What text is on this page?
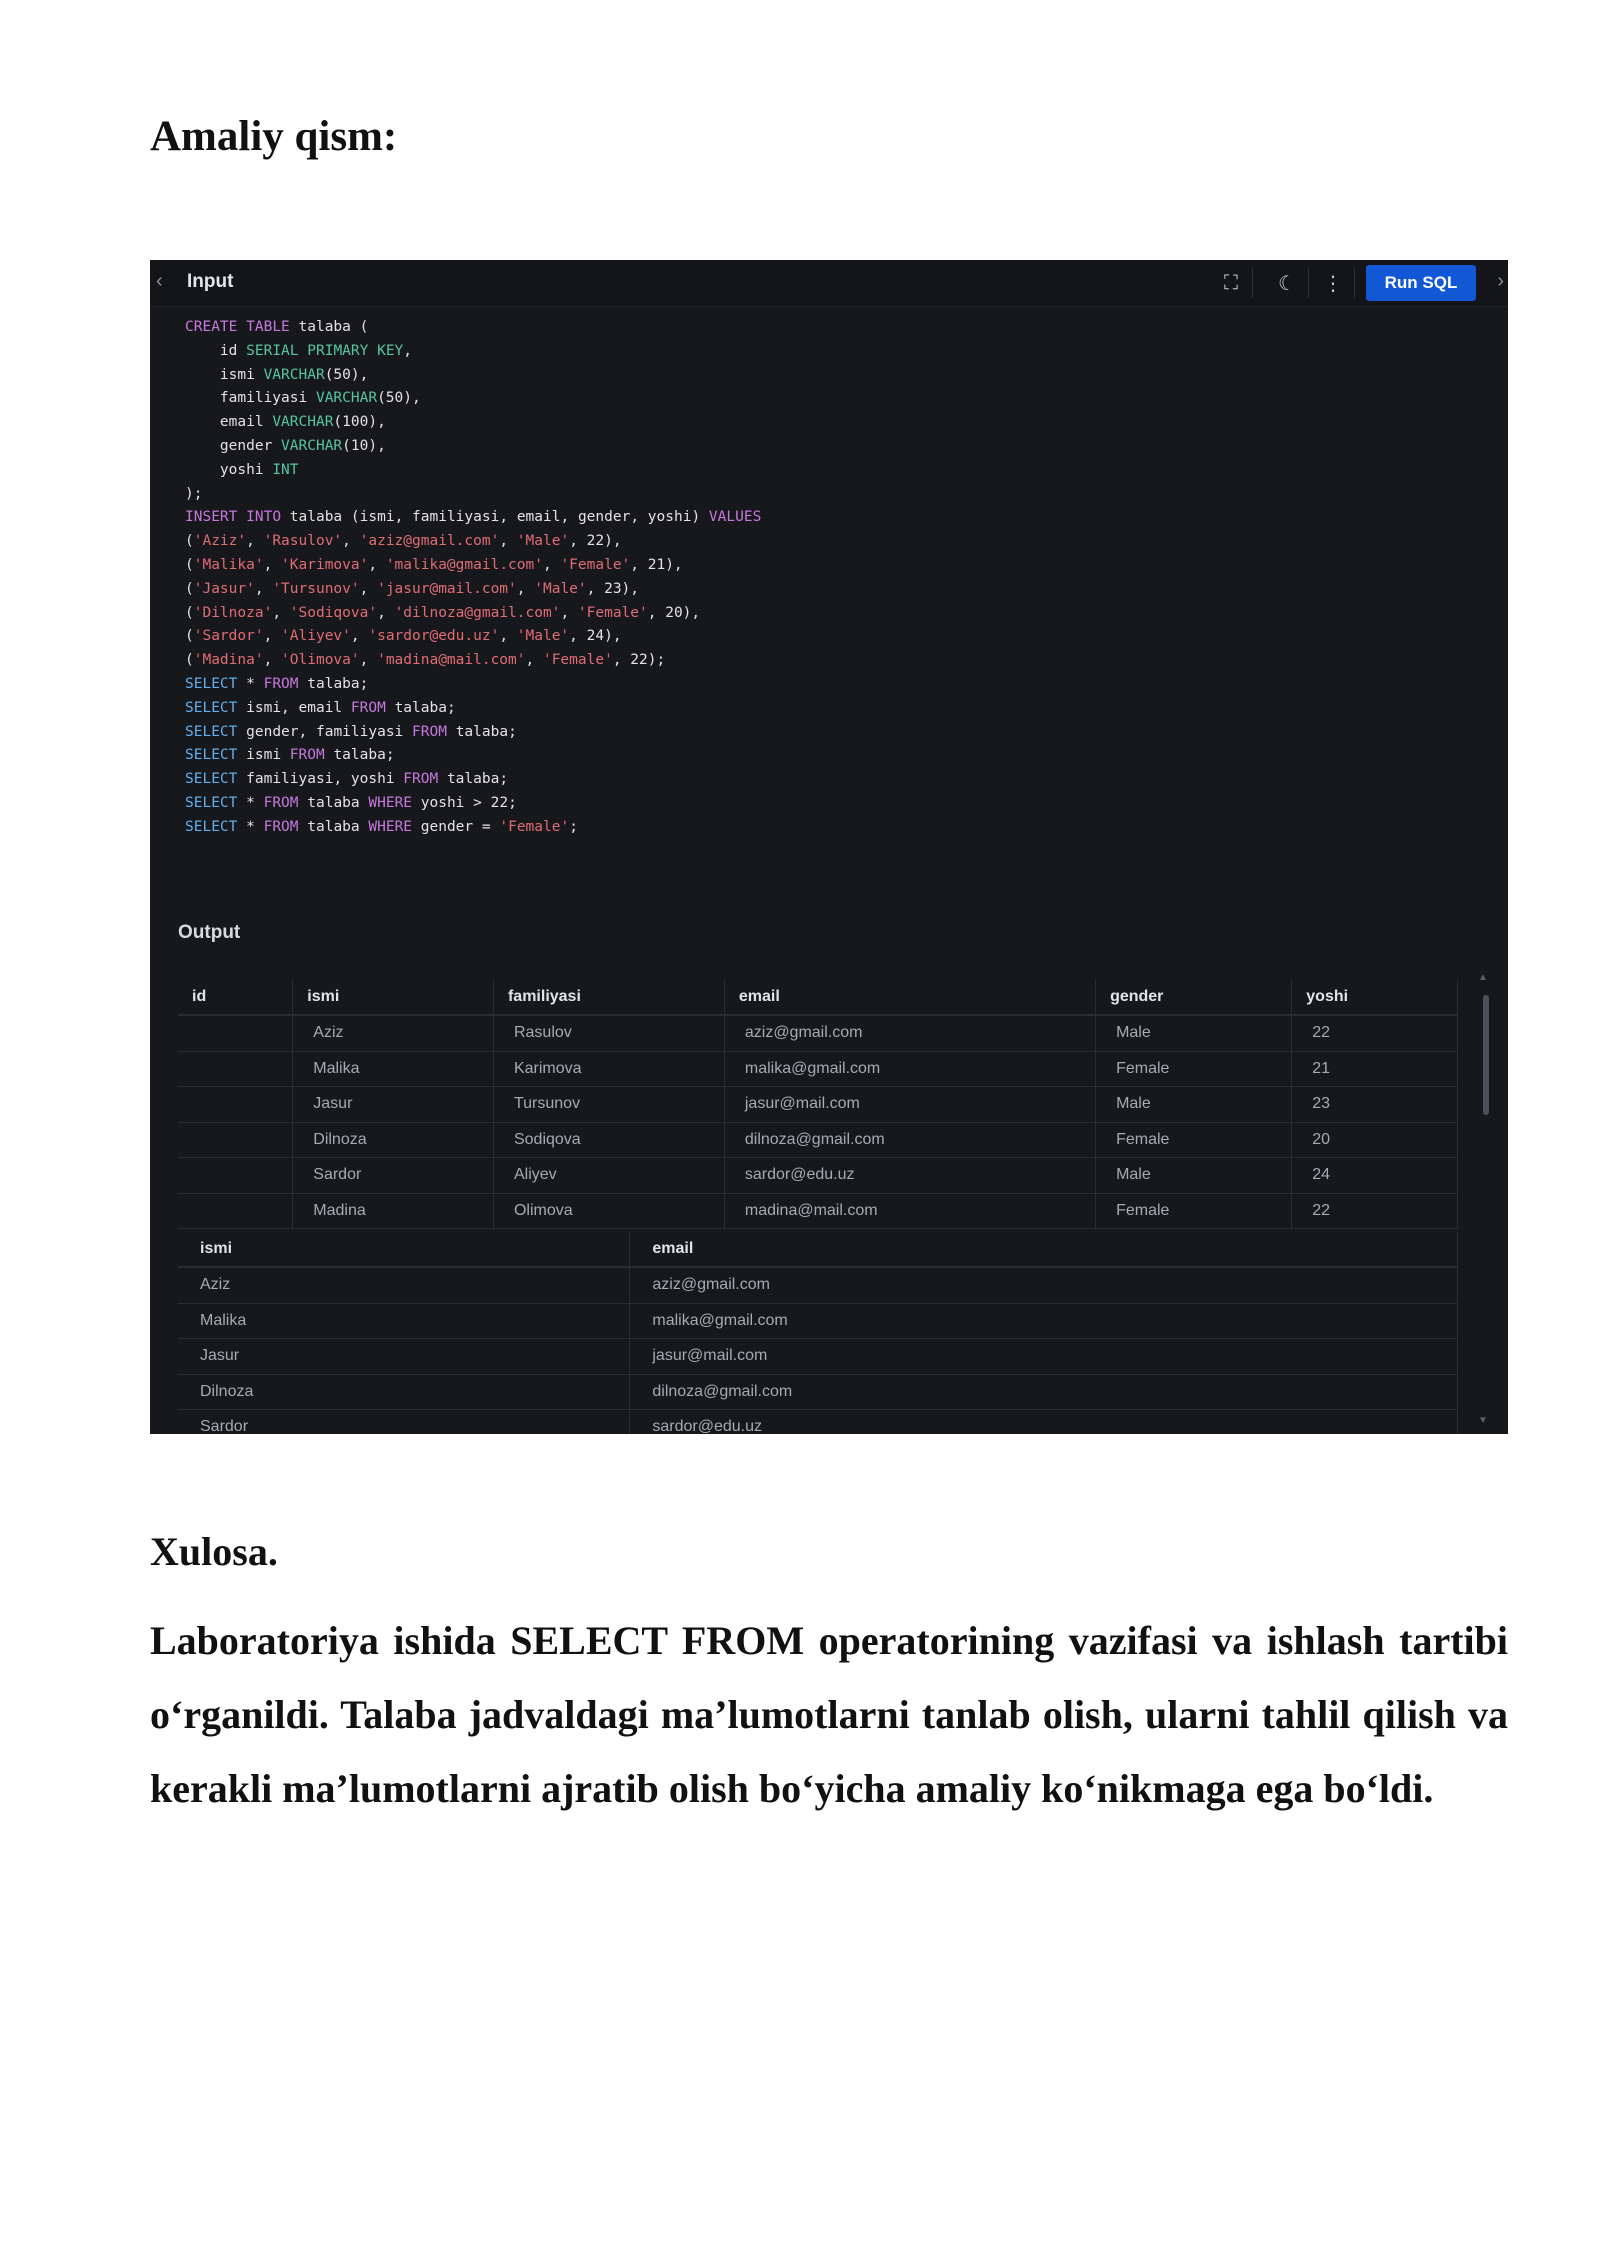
Amaliy qism:
‹ Input	⛶	☾	⋮	Run SQL	›
CREATE TABLE talaba (
id SERIAL PRIMARY KEY,
ismi VARCHAR(50),
familiyasi VARCHAR(50),
email VARCHAR(100),
gender VARCHAR(10),
yoshi INT
);
INSERT INTO talaba (ismi, familiyasi, email, gender, yoshi) VALUES
('Aziz', 'Rasulov', 'aziz@gmail.com', 'Male', 22),
('Malika', 'Karimova', 'malika@gmail.com', 'Female', 21),
('Jasur', 'Tursunov', 'jasur@mail.com', 'Male', 23),
('Dilnoza', 'Sodiqova', 'dilnoza@gmail.com', 'Female', 20),
('Sardor', 'Aliyev', 'sardor@edu.uz', 'Male', 24),
('Madina', 'Olimova', 'madina@mail.com', 'Female', 22);
SELECT * FROM talaba;
SELECT ismi, email FROM talaba;
SELECT gender, familiyasi FROM talaba;
SELECT ismi FROM talaba;
SELECT familiyasi, yoshi FROM talaba;
SELECT * FROM talaba WHERE yoshi > 22;
SELECT * FROM talaba WHERE gender = 'Female';
Output
id	ismi	familiyasi	email	gender	yoshi
	Aziz	Rasulov	aziz@gmail.com	Male	22
	Malika	Karimova	malika@gmail.com	Female	21
	Jasur	Tursunov	jasur@mail.com	Male	23
	Dilnoza	Sodiqova	dilnoza@gmail.com	Female	20
	Sardor	Aliyev	sardor@edu.uz	Male	24
	Madina	Olimova	madina@mail.com	Female	22
ismi	email
Aziz	aziz@gmail.com
Malika	malika@gmail.com
Jasur	jasur@mail.com
Dilnoza	dilnoza@gmail.com
Sardor	sardor@edu.uz
▲
▼
Xulosa.

Laboratoriya ishida SELECT FROM operatorining vazifasi va ishlash tartibi o‘rganildi. Talaba jadvaldagi ma’lumotlarni tanlab olish, ularni tahlil qilish va kerakli ma’lumotlarni ajratib olish bo‘yicha amaliy ko‘nikmaga ega bo‘ldi.
